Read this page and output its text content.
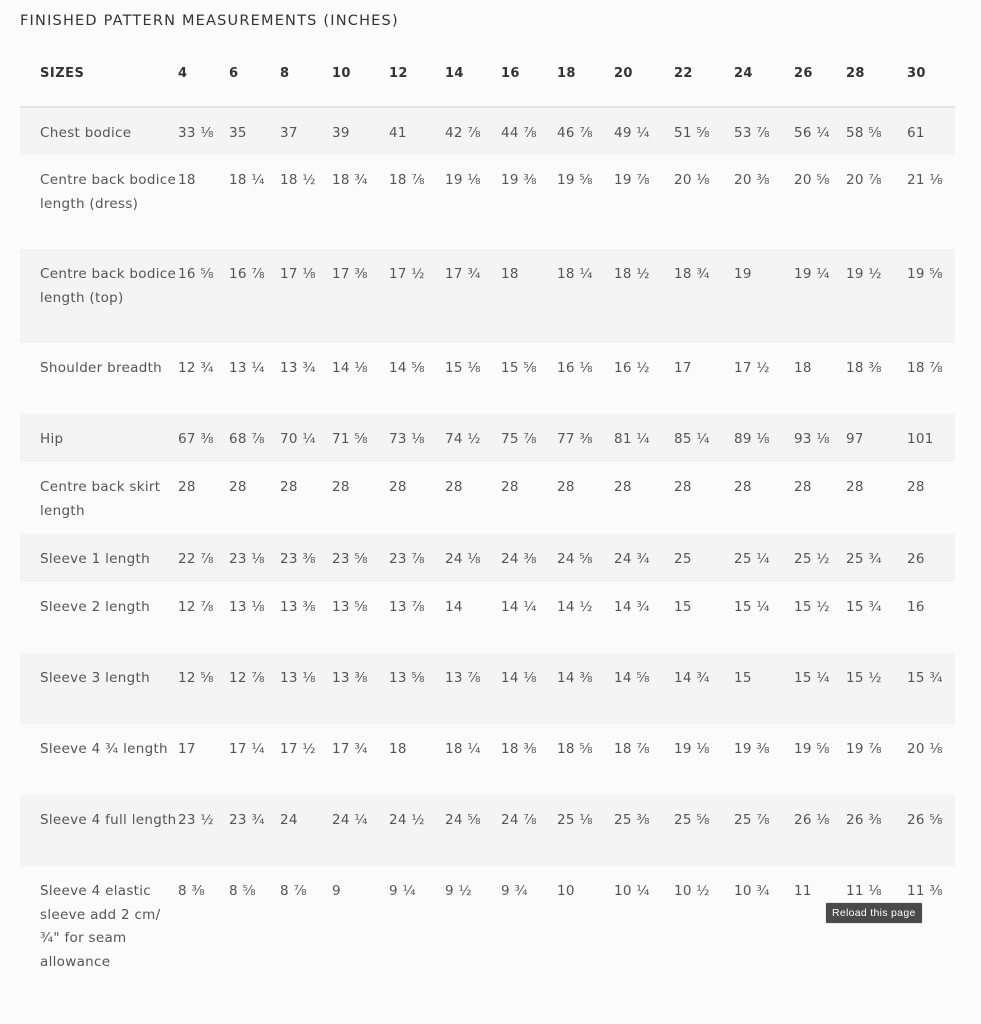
FINISHED PATTERN MEASUREMENTS (INCHES)
SIZES	4	6	8	10	12	14	16	18	20	22	24	26	28	30

Chest bodice	33 ⅛	35	37	39	41	42 ⅞	44 ⅞	46 ⅞	49 ¼	51 ⅝	53 ⅞	56 ¼	58 ⅝	61

Centre back bodice length (dress)	18	18 ¼	18 ½	18 ¾	18 ⅞	19 ⅛	19 ⅜	19 ⅝	19 ⅞	20 ⅛	20 ⅜	20 ⅝	20 ⅞	21 ⅛

Centre back bodice length (top)	16 ⅝	16 ⅞	17 ⅛	17 ⅜	17 ½	17 ¾	18	18 ¼	18 ½	18 ¾	19	19 ¼	19 ½	19 ⅝

Shoulder breadth	12 ¾	13 ¼	13 ¾	14 ⅛	14 ⅝	15 ⅛	15 ⅝	16 ⅛	16 ½	17	17 ½	18	18 ⅜	18 ⅞

Hip	67 ⅜	68 ⅞	70 ¼	71 ⅝	73 ⅛	74 ½	75 ⅞	77 ⅜	81 ¼	85 ¼	89 ⅛	93 ⅛	97	101

Centre back skirt length	28	28	28	28	28	28	28	28	28	28	28	28	28	28

Sleeve 1 length	22 ⅞	23 ⅛	23 ⅜	23 ⅝	23 ⅞	24 ⅛	24 ⅜	24 ⅝	24 ¾	25	25 ¼	25 ½	25 ¾	26

Sleeve 2 length	12 ⅞	13 ⅛	13 ⅜	13 ⅝	13 ⅞	14	14 ¼	14 ½	14 ¾	15	15 ¼	15 ½	15 ¾	16

Sleeve 3 length	12 ⅝	12 ⅞	13 ⅛	13 ⅜	13 ⅝	13 ⅞	14 ⅛	14 ⅜	14 ⅝	14 ¾	15	15 ¼	15 ½	15 ¾

Sleeve 4 ¾ length	17	17 ¼	17 ½	17 ¾	18	18 ¼	18 ⅜	18 ⅝	18 ⅞	19 ⅛	19 ⅜	19 ⅝	19 ⅞	20 ⅛

Sleeve 4 full length	23 ½	23 ¾	24	24 ¼	24 ½	24 ⅝	24 ⅞	25 ⅛	25 ⅜	25 ⅝	25 ⅞	26 ⅛	26 ⅜	26 ⅝

Sleeve 4 elastic sleeve add 2 cm/¾" for seam allowance	8 ⅜	8 ⅝	8 ⅞	9	9 ¼	9 ½	9 ¾	10	10 ¼	10 ½	10 ¾	11	11 ⅛	11 ⅜
Reload this page
